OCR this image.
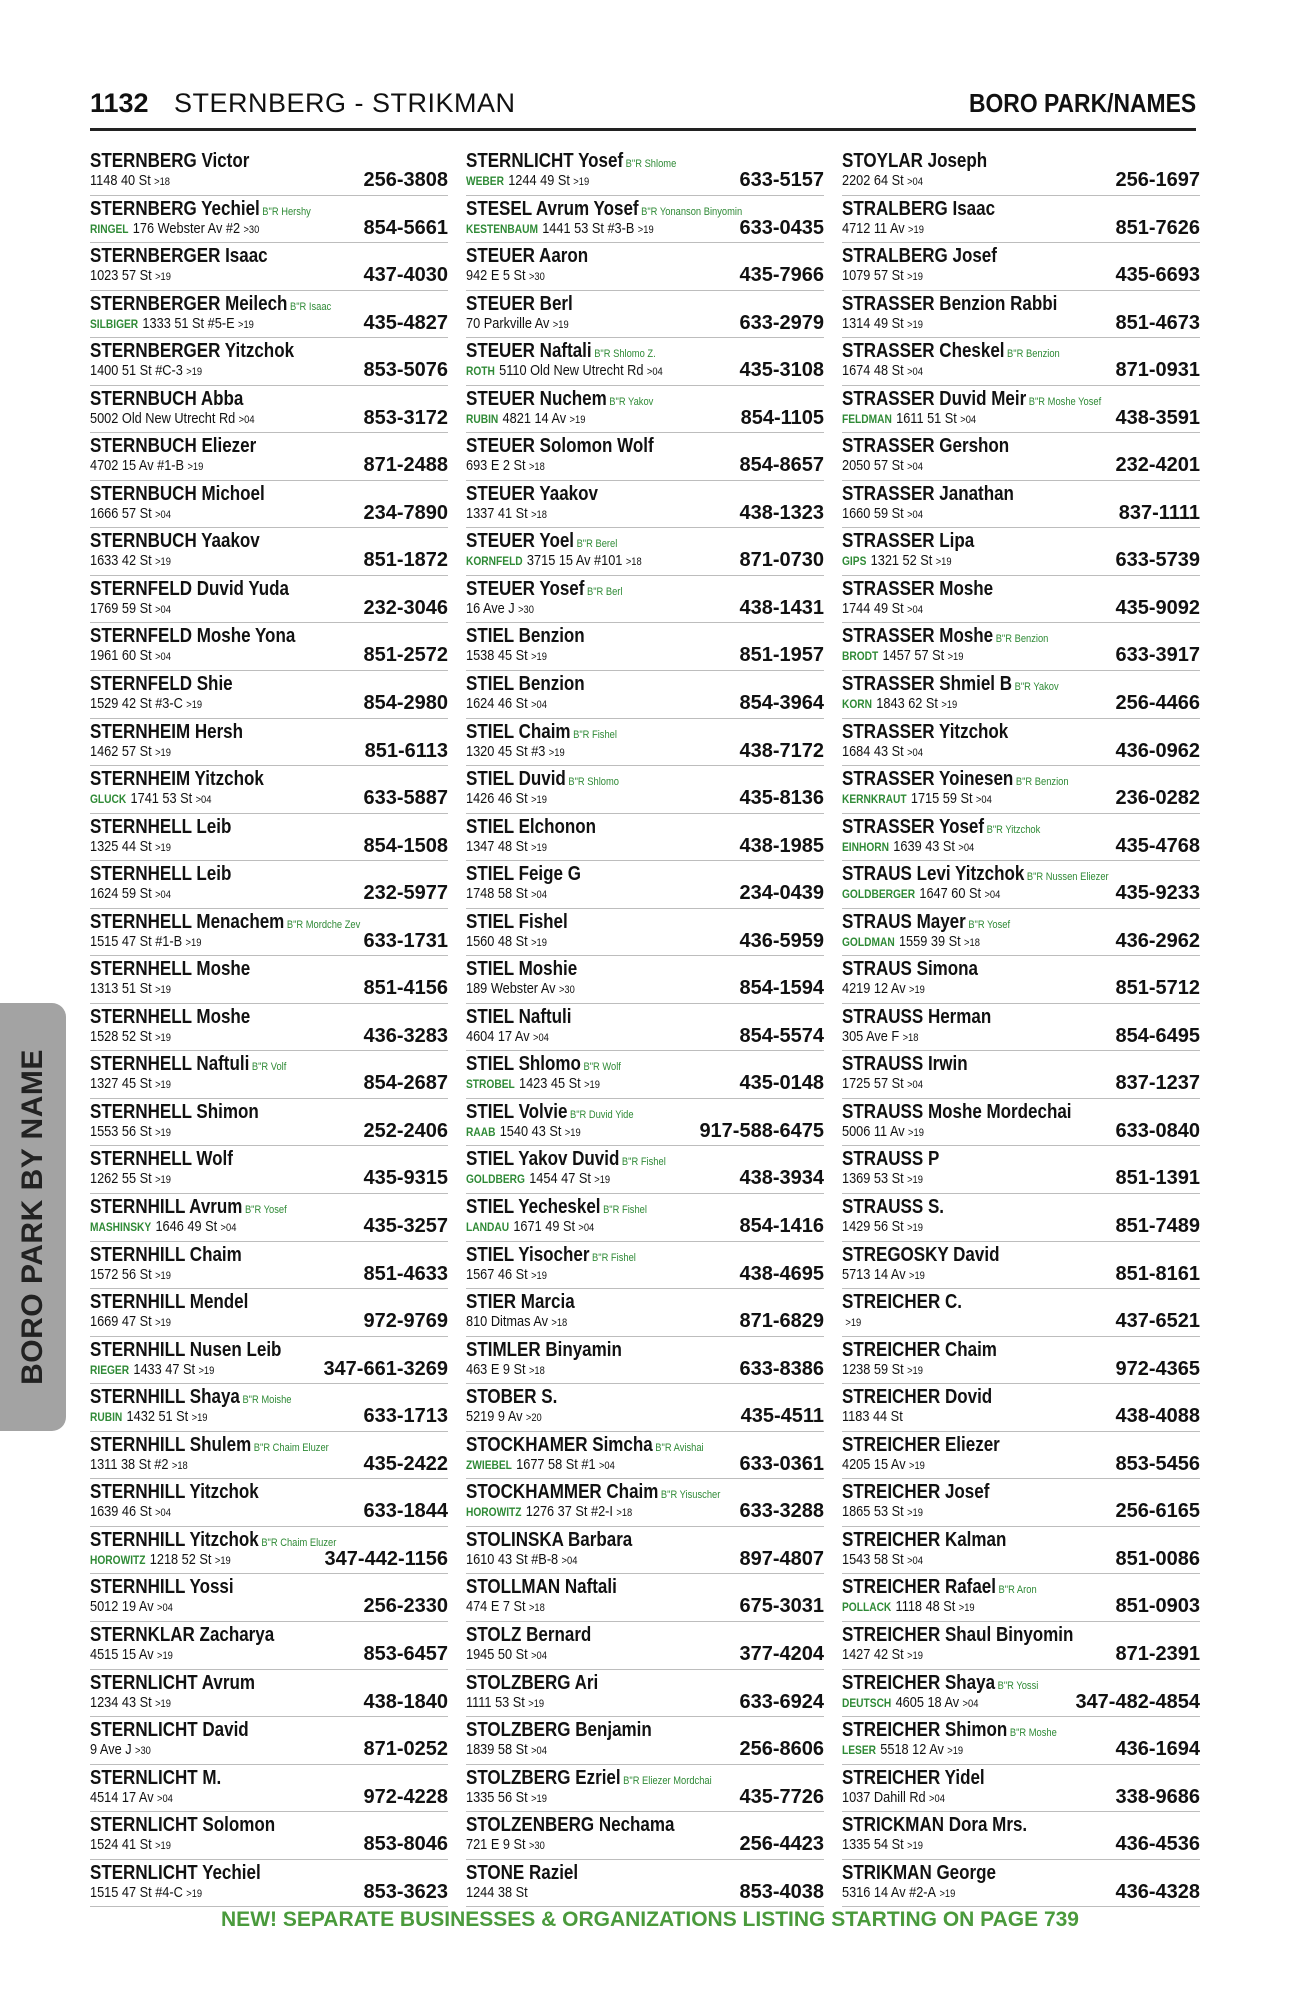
1132 STERNBERG - STRIKMAN	BORO PARK/NAMES
STERNBERG Victor
1148 40 St >18	256-3808
STERNBERG Yechiel B"R Hershy
RINGEL 176 Webster Av #2 >30	854-5661
STERNBERGER Isaac
1023 57 St >19	437-4030
STERNBERGER Meilech B"R Isaac
SILBIGER 1333 51 St #5-E >19	435-4827
STERNBERGER Yitzchok
1400 51 St #C-3 >19	853-5076
STERNBUCH Abba
5002 Old New Utrecht Rd >04	853-3172
STERNBUCH Eliezer
4702 15 Av #1-B >19	871-2488
STERNBUCH Michoel
1666 57 St >04	234-7890
STERNBUCH Yaakov
1633 42 St >19	851-1872
STERNFELD Duvid Yuda
1769 59 St >04	232-3046
STERNFELD Moshe Yona
1961 60 St >04	851-2572
STERNFELD Shie
1529 42 St #3-C >19	854-2980
STERNHEIM Hersh
1462 57 St >19	851-6113
STERNHEIM Yitzchok
GLUCK 1741 53 St >04	633-5887
STERNHELL Leib
1325 44 St >19	854-1508
STERNHELL Leib
1624 59 St >04	232-5977
STERNHELL Menachem B"R Mordche Zev
1515 47 St #1-B >19	633-1731
STERNHELL Moshe
1313 51 St >19	851-4156
STERNHELL Moshe
1528 52 St >19	436-3283
STERNHELL Naftuli B"R Volf
1327 45 St >19	854-2687
STERNHELL Shimon
1553 56 St >19	252-2406
STERNHELL Wolf
1262 55 St >19	435-9315
STERNHILL Avrum B"R Yosef
MASHINSKY 1646 49 St >04	435-3257
STERNHILL Chaim
1572 56 St >19	851-4633
STERNHILL Mendel
1669 47 St >19	972-9769
STERNHILL Nusen Leib
RIEGER 1433 47 St >19	347-661-3269
STERNHILL Shaya B"R Moishe
RUBIN 1432 51 St >19	633-1713
STERNHILL Shulem B"R Chaim Eluzer
1311 38 St #2 >18	435-2422
STERNHILL Yitzchok
1639 46 St >04	633-1844
STERNHILL Yitzchok B"R Chaim Eluzer
HOROWITZ 1218 52 St >19	347-442-1156
STERNHILL Yossi
5012 19 Av >04	256-2330
STERNKLAR Zacharya
4515 15 Av >19	853-6457
STERNLICHT Avrum
1234 43 St >19	438-1840
STERNLICHT David
9 Ave J >30	871-0252
STERNLICHT M.
4514 17 Av >04	972-4228
STERNLICHT Solomon
1524 41 St >19	853-8046
STERNLICHT Yechiel
1515 47 St #4-C >19	853-3623
STERNLICHT Yosef B"R Shlome
WEBER 1244 49 St >19	633-5157
STESEL Avrum Yosef B"R Yonanson Binyomin
KESTENBAUM 1441 53 St #3-B >19	633-0435
STEUER Aaron
942 E 5 St >30	435-7966
STEUER Berl
70 Parkville Av >19	633-2979
STEUER Naftali B"R Shlomo Z.
ROTH 5110 Old New Utrecht Rd >04	435-3108
STEUER Nuchem B"R Yakov
RUBIN 4821 14 Av >19	854-1105
STEUER Solomon Wolf
693 E 2 St >18	854-8657
STEUER Yaakov
1337 41 St >18	438-1323
STEUER Yoel B"R Berel
KORNFELD 3715 15 Av #101 >18	871-0730
STEUER Yosef B"R Berl
16 Ave J >30	438-1431
STIEL Benzion
1538 45 St >19	851-1957
STIEL Benzion
1624 46 St >04	854-3964
STIEL Chaim B"R Fishel
1320 45 St #3 >19	438-7172
STIEL Duvid B"R Shlomo
1426 46 St >19	435-8136
STIEL Elchonon
1347 48 St >19	438-1985
STIEL Feige G
1748 58 St >04	234-0439
STIEL Fishel
1560 48 St >19	436-5959
STIEL Moshie
189 Webster Av >30	854-1594
STIEL Naftuli
4604 17 Av >04	854-5574
STIEL Shlomo B"R Wolf
STROBEL 1423 45 St >19	435-0148
STIEL Volvie B"R Duvid Yide
RAAB 1540 43 St >19	917-588-6475
STIEL Yakov Duvid B"R Fishel
GOLDBERG 1454 47 St >19	438-3934
STIEL Yecheskel B"R Fishel
LANDAU 1671 49 St >04	854-1416
STIEL Yisocher B"R Fishel
1567 46 St >19	438-4695
STIER Marcia
810 Ditmas Av >18	871-6829
STIMLER Binyamin
463 E 9 St >18	633-8386
STOBER S.
5219 9 Av >20	435-4511
STOCKHAMER Simcha B"R Avishai
ZWIEBEL 1677 58 St #1 >04	633-0361
STOCKHAMMER Chaim B"R Yisuscher
HOROWITZ 1276 37 St #2-I >18	633-3288
STOLINSKA Barbara
1610 43 St #B-8 >04	897-4807
STOLLMAN Naftali
474 E 7 St >18	675-3031
STOLZ Bernard
1945 50 St >04	377-4204
STOLZBERG Ari
1111 53 St >19	633-6924
STOLZBERG Benjamin
1839 58 St >04	256-8606
STOLZBERG Ezriel B"R Eliezer Mordchai
1335 56 St >19	435-7726
STOLZENBERG Nechama
721 E 9 St >30	256-4423
STONE Raziel
1244 38 St	853-4038
STOYLAR Joseph
2202 64 St >04	256-1697
STRALBERG Isaac
4712 11 Av >19	851-7626
STRALBERG Josef
1079 57 St >19	435-6693
STRASSER Benzion Rabbi
1314 49 St >19	851-4673
STRASSER Cheskel B"R Benzion
1674 48 St >04	871-0931
STRASSER Duvid Meir B"R Moshe Yosef
FELDMAN 1611 51 St >04	438-3591
STRASSER Gershon
2050 57 St >04	232-4201
STRASSER Janathan
1660 59 St >04	837-1111
STRASSER Lipa
GIPS 1321 52 St >19	633-5739
STRASSER Moshe
1744 49 St >04	435-9092
STRASSER Moshe B"R Benzion
BRODT 1457 57 St >19	633-3917
STRASSER Shmiel B B"R Yakov
KORN 1843 62 St >19	256-4466
STRASSER Yitzchok
1684 43 St >04	436-0962
STRASSER Yoinesen B"R Benzion
KERNKRAUT 1715 59 St >04	236-0282
STRASSER Yosef B"R Yitzchok
EINHORN 1639 43 St >04	435-4768
STRAUS Levi Yitzchok B"R Nussen Eliezer
GOLDBERGER 1647 60 St >04	435-9233
STRAUS Mayer B"R Yosef
GOLDMAN 1559 39 St >18	436-2962
STRAUS Simona
4219 12 Av >19	851-5712
STRAUSS Herman
305 Ave F >18	854-6495
STRAUSS Irwin
1725 57 St >04	837-1237
STRAUSS Moshe Mordechai
5006 11 Av >19	633-0840
STRAUSS P
1369 53 St >19	851-1391
STRAUSS S.
1429 56 St >19	851-7489
STREGOSKY David
5713 14 Av >19	851-8161
STREICHER C.
>19	437-6521
STREICHER Chaim
1238 59 St >19	972-4365
STREICHER Dovid
1183 44 St	438-4088
STREICHER Eliezer
4205 15 Av >19	853-5456
STREICHER Josef
1865 53 St >19	256-6165
STREICHER Kalman
1543 58 St >04	851-0086
STREICHER Rafael B"R Aron
POLLACK 1118 48 St >19	851-0903
STREICHER Shaul Binyomin
1427 42 St >19	871-2391
STREICHER Shaya B"R Yossi
DEUTSCH 4605 18 Av >04	347-482-4854
STREICHER Shimon B"R Moshe
LESER 5518 12 Av >19	436-1694
STREICHER Yidel
1037 Dahill Rd >04	338-9686
STRICKMAN Dora Mrs.
1335 54 St >19	436-4536
STRIKMAN George
5316 14 Av #2-A >19	436-4328
BORO PARK BY NAME
NEW! SEPARATE BUSINESSES & ORGANIZATIONS LISTING STARTING ON PAGE 739
